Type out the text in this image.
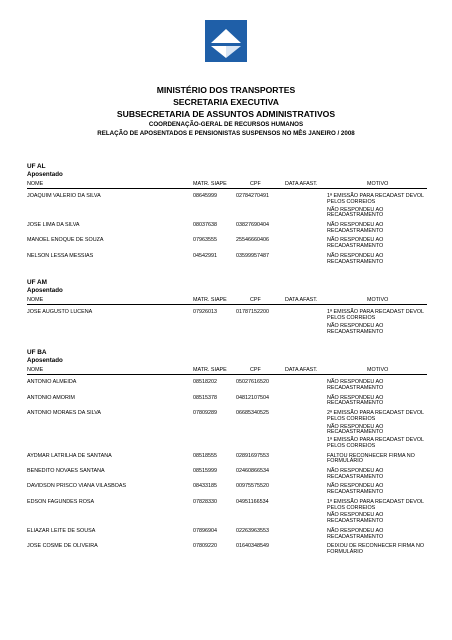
MINISTÉRIO DOS TRANSPORTES
SECRETARIA EXECUTIVA
SUBSECRETARIA DE ASSUNTOS ADMINISTRATIVOS
COORDENAÇÃO-GERAL DE RECURSOS HUMANOS
RELAÇÃO DE APOSENTADOS E PENSIONISTAS SUSPENSOS NO MÊS JANEIRO / 2008
UF AL
Aposentado
NOME	MATR. SIAPE	CPF	DATA AFAST.	MOTIVO
JOAQUIM VALERIO DA SILVA	08645999	02784270491	1ª EMISSÃO PARA RECADAST DEVOL PELOS CORREIOS
NÃO RESPONDEU AO RECADASTRAMENTO
JOSE LIMA DA SILVA	08037638	03827690404	NÃO RESPONDEU AO RECADASTRAMENTO
MANOEL ENOQUE DE SOUZA	07963555	25546660406	NÃO RESPONDEU AO RECADASTRAMENTO
NELSON LESSA MESSIAS	04542991	03599957487	NÃO RESPONDEU AO RECADASTRAMENTO
UF AM
Aposentado
NOME	MATR. SIAPE	CPF	DATA AFAST.	MOTIVO
JOSE AUGUSTO LUCENA	07926013	01787152200	1ª EMISSÃO PARA RECADAST DEVOL PELOS CORREIOS
NÃO RESPONDEU AO RECADASTRAMENTO
UF BA
Aposentado
NOME	MATR. SIAPE	CPF	DATA AFAST.	MOTIVO
ANTONIO ALMEIDA	08518202	05027616520	NÃO RESPONDEU AO RECADASTRAMENTO
ANTONIO AMORIM	08515378	04812107504	NÃO RESPONDEU AO RECADASTRAMENTO
ANTONIO MORAES DA SILVA	07809289	06685340525	2ª EMISSÃO PARA RECADAST DEVOL PELOS CORREIOS
NÃO RESPONDEU AO RECADASTRAMENTO
1ª EMISSÃO PARA RECADAST DEVOL PELOS CORREIOS
AYDMAR LATRILHA DE SANTANA	08518555	02891697553	FALTOU RECONHECER FIRMA NO FORMULÁRIO
BENEDITO NOVAES SANTANA	08515999	02460866534	NÃO RESPONDEU AO RECADASTRAMENTO
DAVIDSON PRISCO VIANA VILASBOAS	08433185	00975575520	NÃO RESPONDEU AO RECADASTRAMENTO
EDSON FAGUNDES ROSA	07828330	04951166534	1ª EMISSÃO PARA RECADAST DEVOL PELOS CORREIOS
NÃO RESPONDEU AO RECADASTRAMENTO
ELIAZAR LEITE DE SOUSA	07896904	02263963553	NÃO RESPONDEU AO RECADASTRAMENTO
JOSE COSME DE OLIVEIRA	07809220	01640348549	DEIXOU DE RECONHECER FIRMA NO FORMULÁRIO
